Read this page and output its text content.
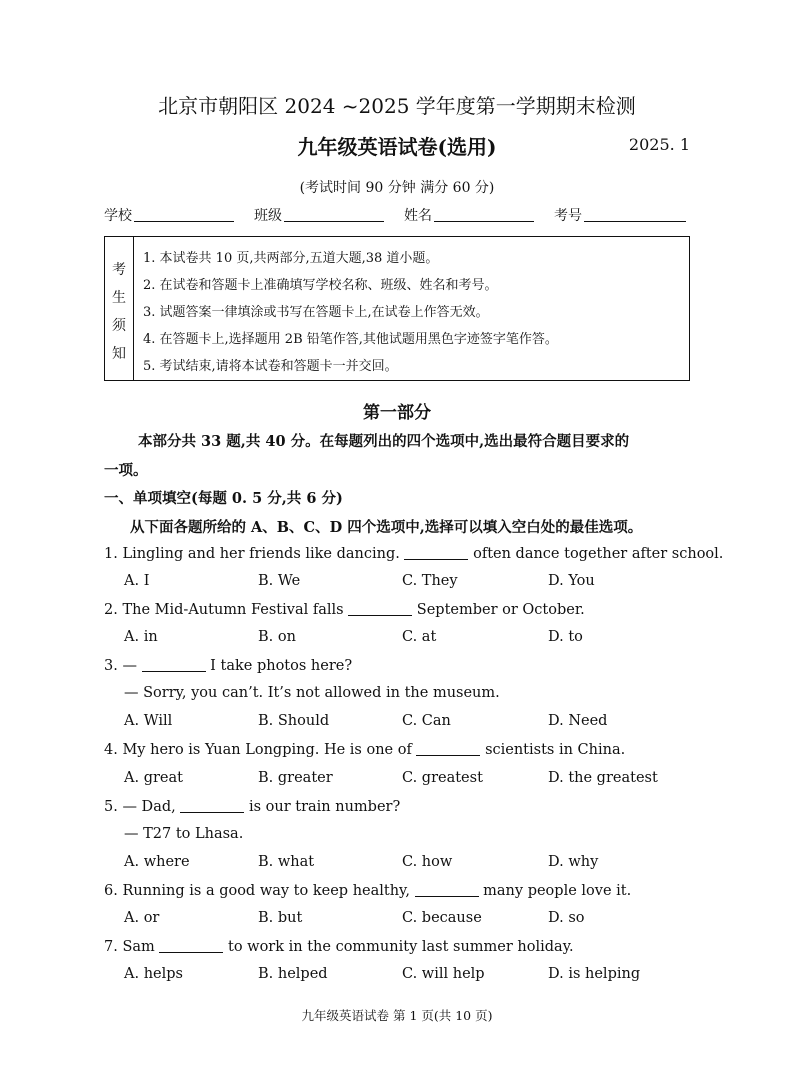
北京市朝阳区 2024 ~2025 学年度第一学期期末检测
九年级英语试卷(选用)	2025. 1
(考试时间 90 分钟 满分 60 分)
学校	班级	姓名	考号
考
生
须
知
1. 本试卷共 10 页,共两部分,五道大题,38 道小题。
2. 在试卷和答题卡上准确填写学校名称、班级、姓名和考号。
3. 试题答案一律填涂或书写在答题卡上,在试卷上作答无效。
4. 在答题卡上,选择题用 2B 铅笔作答,其他试题用黑色字迹签字笔作答。
5. 考试结束,请将本试卷和答题卡一并交回。
第一部分
本部分共 33 题,共 40 分。在每题列出的四个选项中,选出最符合题目要求的
一项。
一、单项填空(每题 0. 5 分,共 6 分)
从下面各题所给的 A、B、C、D 四个选项中,选择可以填入空白处的最佳选项。
1. Lingling and her friends like dancing.	often dance together after school.
A. I	B. We	C. They	D. You
2. The Mid-Autumn Festival falls	September or October.
A. in	B. on	C. at	D. to
3. —	I take photos here?
— Sorry, you can’t. It’s not allowed in the museum.
A. Will	B. Should	C. Can	D. Need
4. My hero is Yuan Longping. He is one of	scientists in China.
A. great	B. greater	C. greatest	D. the greatest
5. — Dad,	is our train number?
— T27 to Lhasa.
A. where	B. what	C. how	D. why
6. Running is a good way to keep healthy,	many people love it.
A. or	B. but	C. because	D. so
7. Sam	to work in the community last summer holiday.
A. helps	B. helped	C. will help	D. is helping
九年级英语试卷 第 1 页(共 10 页)
